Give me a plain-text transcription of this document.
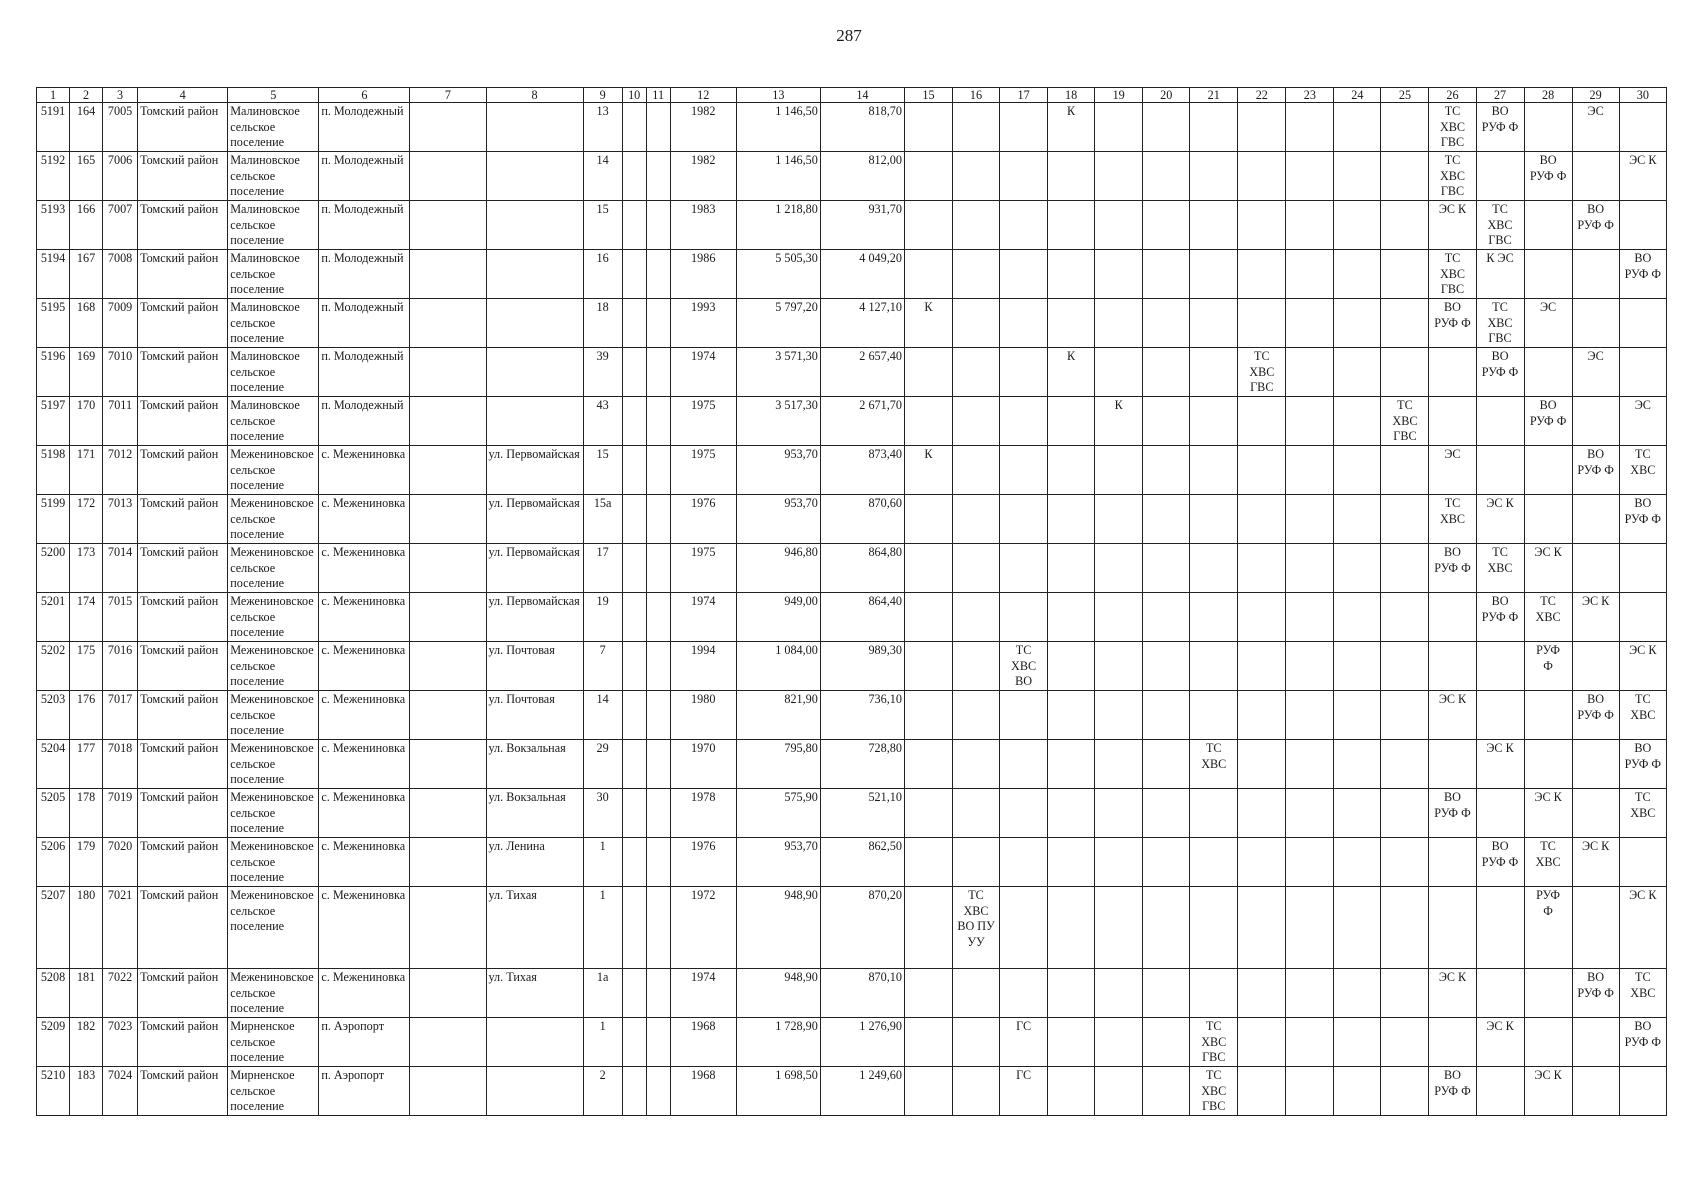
287
1	2	3	4	5	6	7	8	9	10	11	12	13	14	15	16	17	18	19	20	21	22	23	24	25	26	27	28	29	30
5191	164	7005	Томский район	Малиновское сельское поселение	п. Молодежный			13			1982	1 146,50	818,70				К								ТС
ХВС
ГВС	ВО
РУФ Ф		ЭС	
5192	165	7006	Томский район	Малиновское сельское поселение	п. Молодежный			14			1982	1 146,50	812,00												ТС
ХВС
ГВС		ВО
РУФ Ф		ЭС К
5193	166	7007	Томский район	Малиновское сельское поселение	п. Молодежный			15			1983	1 218,80	931,70												ЭС К	ТС
ХВС
ГВС		ВО
РУФ Ф	
5194	167	7008	Томский район	Малиновское сельское поселение	п. Молодежный			16			1986	5 505,30	4 049,20												ТС
ХВС
ГВС	К ЭС			ВО
РУФ Ф
5195	168	7009	Томский район	Малиновское сельское поселение	п. Молодежный			18			1993	5 797,20	4 127,10	К											ВО
РУФ Ф	ТС
ХВС
ГВС	ЭС		
5196	169	7010	Томский район	Малиновское сельское поселение	п. Молодежный			39			1974	3 571,30	2 657,40				К				ТС
ХВС
ГВС					ВО
РУФ Ф		ЭС	
5197	170	7011	Томский район	Малиновское сельское поселение	п. Молодежный			43			1975	3 517,30	2 671,70					К						ТС
ХВС
ГВС			ВО
РУФ Ф		ЭС
5198	171	7012	Томский район	Межениновское сельское поселение	с. Межениновка		ул. Первомайская	15			1975	953,70	873,40	К											ЭС			ВО
РУФ Ф	ТС
ХВС
5199	172	7013	Томский район	Межениновское сельское поселение	с. Межениновка		ул. Первомайская	15а			1976	953,70	870,60												ТС
ХВС	ЭС К			ВО
РУФ Ф
5200	173	7014	Томский район	Межениновское сельское поселение	с. Межениновка		ул. Первомайская	17			1975	946,80	864,80												ВО
РУФ Ф	ТС
ХВС	ЭС К		
5201	174	7015	Томский район	Межениновское сельское поселение	с. Межениновка		ул. Первомайская	19			1974	949,00	864,40													ВО
РУФ Ф	ТС
ХВС	ЭС К	
5202	175	7016	Томский район	Межениновское сельское поселение	с. Межениновка		ул. Почтовая	7			1994	1 084,00	989,30			ТС
ХВС
ВО											РУФ
Ф		ЭС К
5203	176	7017	Томский район	Межениновское сельское поселение	с. Межениновка		ул. Почтовая	14			1980	821,90	736,10												ЭС К			ВО
РУФ Ф	ТС
ХВС
5204	177	7018	Томский район	Межениновское сельское поселение	с. Межениновка		ул. Вокзальная	29			1970	795,80	728,80							ТС
ХВС						ЭС К			ВО
РУФ Ф
5205	178	7019	Томский район	Межениновское сельское поселение	с. Межениновка		ул. Вокзальная	30			1978	575,90	521,10												ВО
РУФ Ф		ЭС К		ТС
ХВС
5206	179	7020	Томский район	Межениновское сельское поселение	с. Межениновка		ул. Ленина	1			1976	953,70	862,50													ВО
РУФ Ф	ТС
ХВС	ЭС К	
5207	180	7021	Томский район	Межениновское сельское поселение	с. Межениновка		ул. Тихая	1			1972	948,90	870,20		ТС
ХВС
ВО ПУ
УУ												РУФ
Ф		ЭС К
5208	181	7022	Томский район	Межениновское сельское поселение	с. Межениновка		ул. Тихая	1а			1974	948,90	870,10												ЭС К			ВО
РУФ Ф	ТС
ХВС
5209	182	7023	Томский район	Мирненское сельское поселение	п. Аэропорт			1			1968	1 728,90	1 276,90			ГС				ТС
ХВС
ГВС						ЭС К			ВО
РУФ Ф
5210	183	7024	Томский район	Мирненское сельское поселение	п. Аэропорт			2			1968	1 698,50	1 249,60			ГС				ТС
ХВС
ГВС					ВО
РУФ Ф		ЭС К		
